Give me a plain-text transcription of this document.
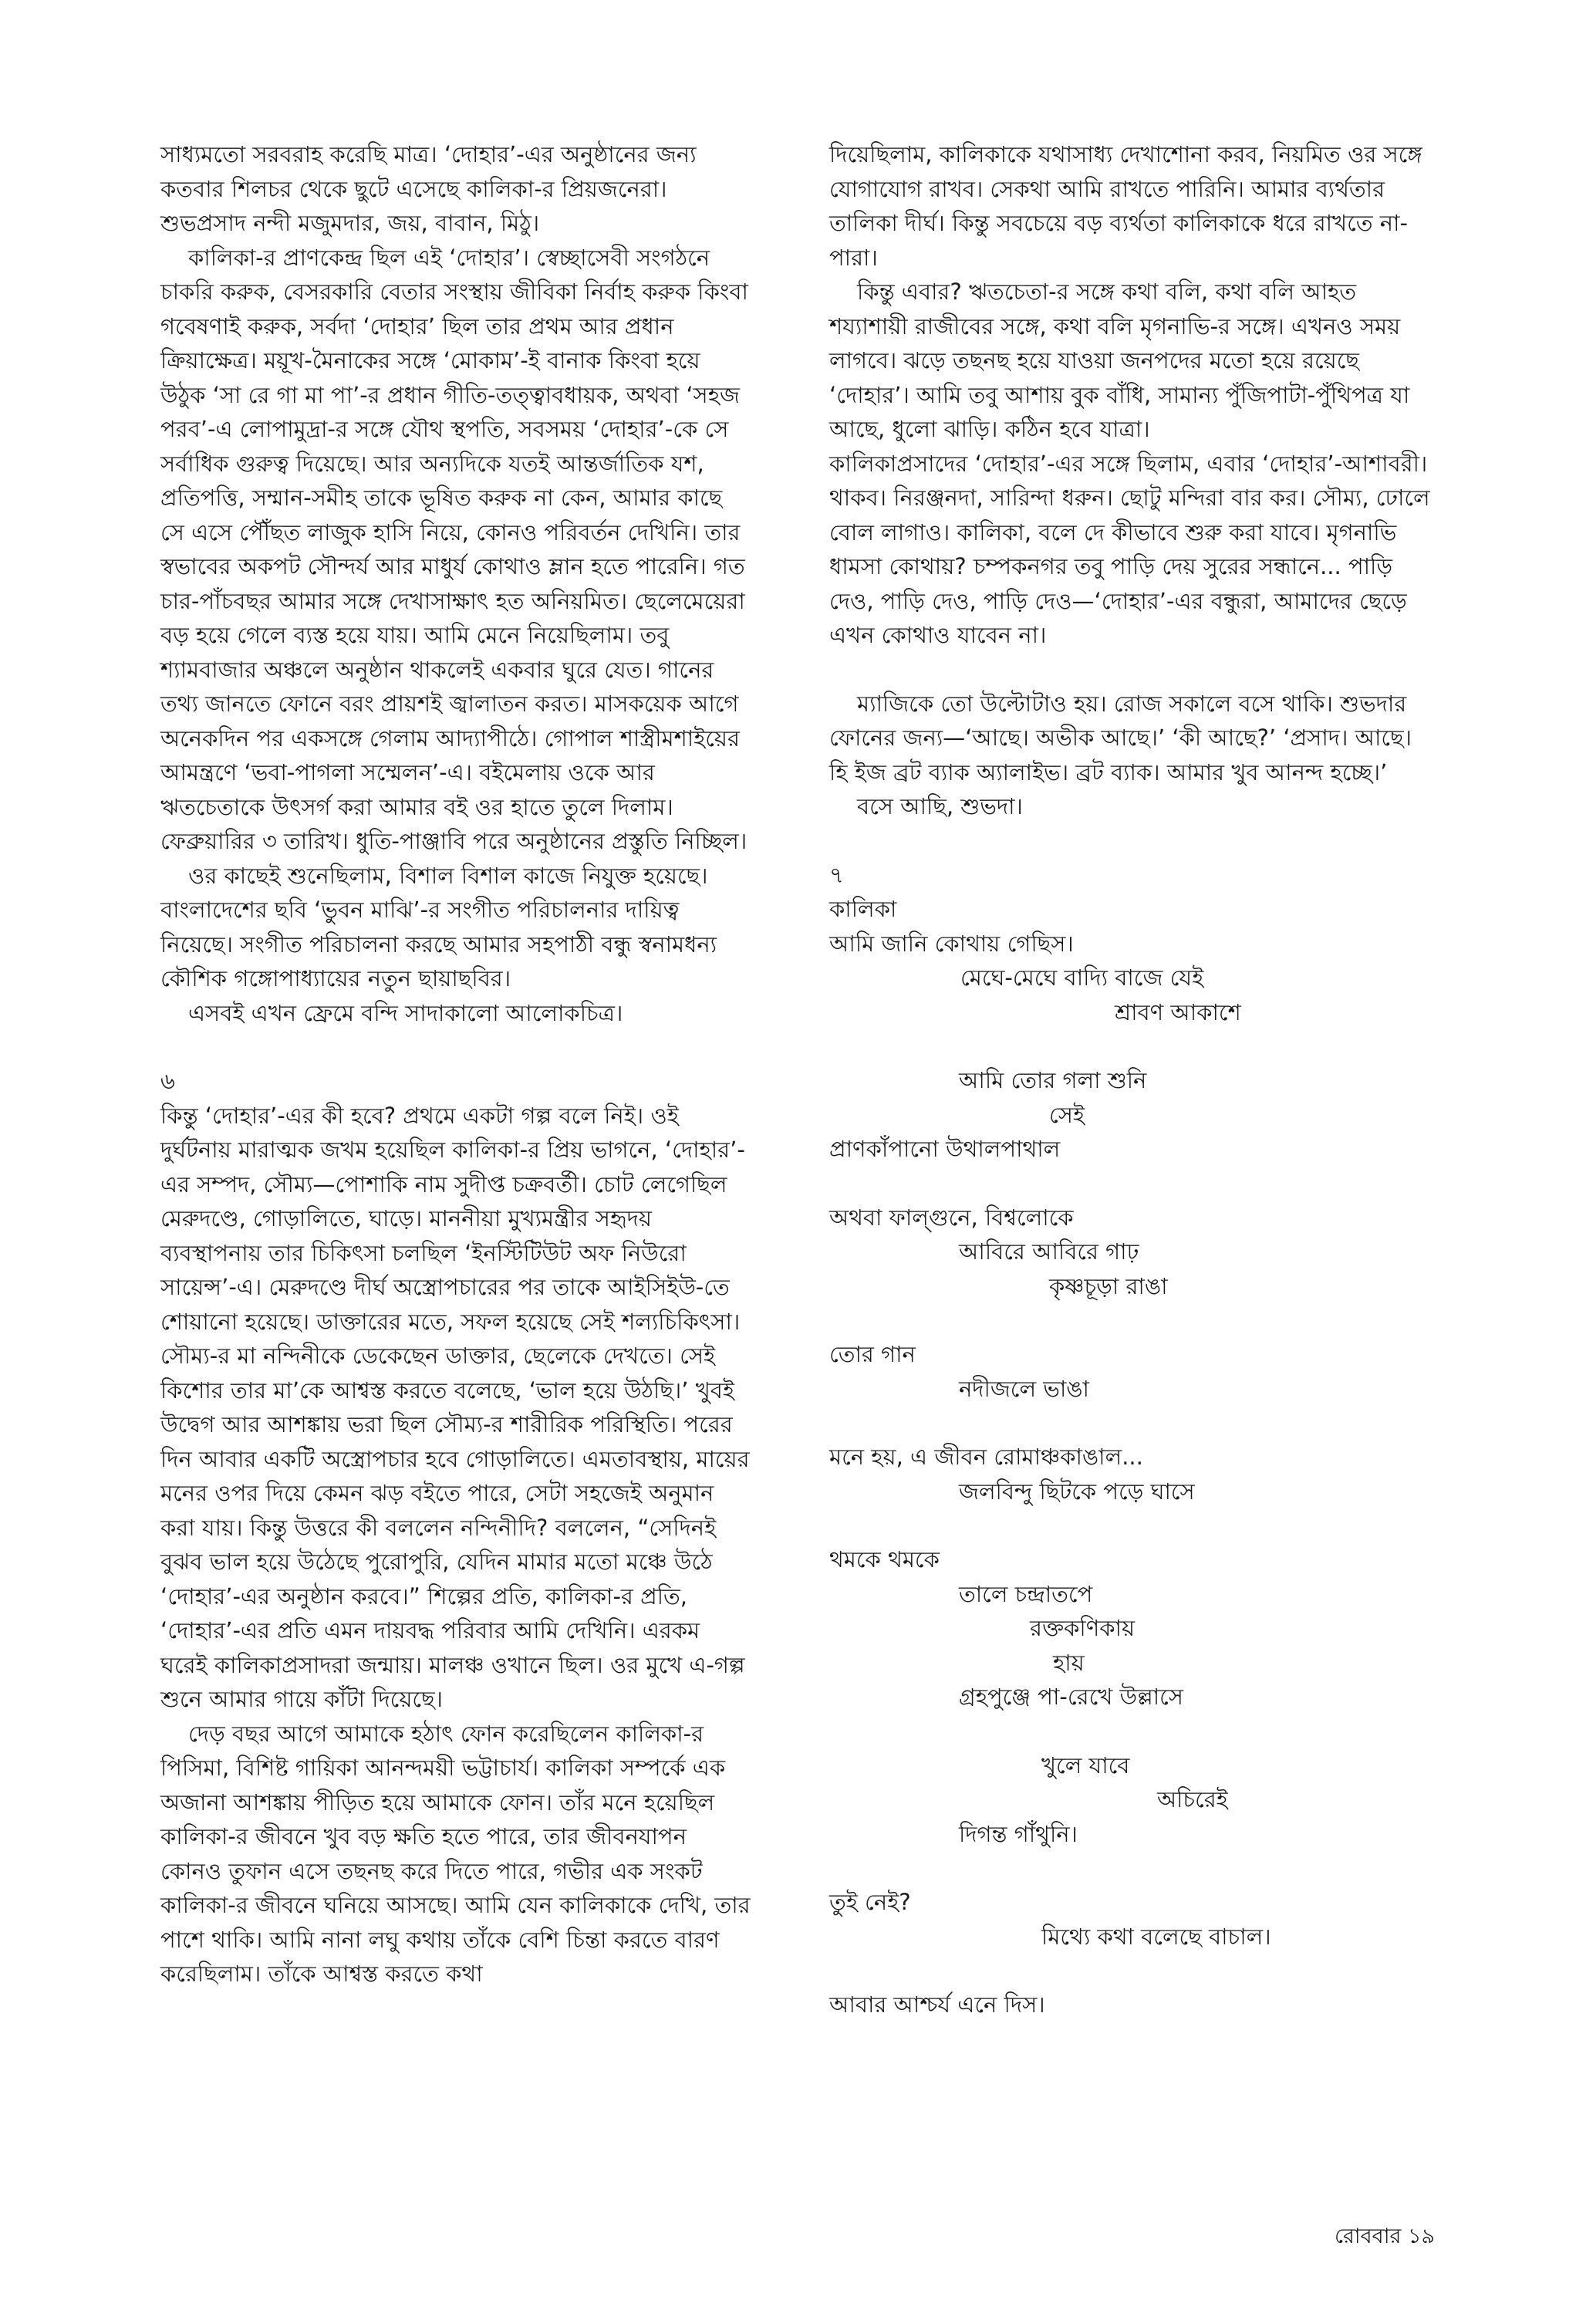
সাধ্যমতো সরবরাহ করেছি মাত্র। ‘দোহার’-এর অনুষ্ঠানের জন্য কতবার শিলচর থেকে ছুটে এসেছে কালিকা-র প্রিয়জনেরা। শুভপ্রসাদ নন্দী মজুমদার, জয়, বাবান, মিঠু।

কালিকা-র প্রাণকেন্দ্র ছিল এই ‘দোহার’। স্বেচ্ছাসেবী সংগঠনে চাকরি করুক, বেসরকারি বেতার সংস্থায় জীবিকা নির্বাহ করুক কিংবা গবেষণাই করুক, সর্বদা ‘দোহার’ ছিল তার প্রথম আর প্রধান ক্রিয়াক্ষেত্র। ময়ূখ-মৈনাকের সঙ্গে ‘মোকাম’-ই বানাক কিংবা হয়ে উঠুক ‘সা রে গা মা পা’-র প্রধান গীতি-তত্ত্বাবধায়ক, অথবা ‘সহজ পরব’-এ লোপামুদ্রা-র সঙ্গে যৌথ স্থপতি, সবসময় ‘দোহার’-কে সে সর্বাধিক গুরুত্ব দিয়েছে। আর অন্যদিকে যতই আন্তর্জাতিক যশ, প্রতিপত্তি, সম্মান-সমীহ তাকে ভূষিত করুক না কেন, আমার কাছে সে এসে পৌঁছত লাজুক হাসি নিয়ে, কোনও পরিবর্তন দেখিনি। তার স্বভাবের অকপট সৌন্দর্য আর মাধুর্য কোথাও ম্লান হতে পারেনি। গত চার-পাঁচবছর আমার সঙ্গে দেখাসাক্ষাৎ হত অনিয়মিত। ছেলেমেয়েরা বড় হয়ে গেলে ব্যস্ত হয়ে যায়। আমি মেনে নিয়েছিলাম। তবু শ্যামবাজার অঞ্চলে অনুষ্ঠান থাকলেই একবার ঘুরে যেত। গানের তথ্য জানতে ফোনে বরং প্রায়শই জ্বালাতন করত। মাসকয়েক আগে অনেকদিন পর একসঙ্গে গেলাম আদ্যাপীঠে। গোপাল শাস্ত্রীমশাইয়ের আমন্ত্রণে ‘ভবা-পাগলা সম্মেলন’-এ। বইমেলায় ওকে আর ঋতচেতাকে উৎসর্গ করা আমার বই ওর হাতে তুলে দিলাম। ফেব্রুয়ারির ৩ তারিখ। ধুতি-পাঞ্জাবি পরে অনুষ্ঠানের প্রস্তুতি নিচ্ছিল।

ওর কাছেই শুনেছিলাম, বিশাল বিশাল কাজে নিযুক্ত হয়েছে। বাংলাদেশের ছবি ‘ভুবন মাঝি’-র সংগীত পরিচালনার দায়িত্ব নিয়েছে। সংগীত পরিচালনা করছে আমার সহপাঠী বন্ধু স্বনামধন্য কৌশিক গঙ্গোপাধ্যায়ের নতুন ছায়াছবির।

এসবই এখন ফ্রেমে বন্দি সাদাকালো আলোকচিত্র।

৬

কিন্তু ‘দোহার’-এর কী হবে? প্রথমে একটা গল্প বলে নিই। ওই দুর্ঘটনায় মারাত্মক জখম হয়েছিল কালিকা-র প্রিয় ভাগনে, ‘দোহার’-এর সম্পদ, সৌম্য—পোশাকি নাম সুদীপ্ত চক্রবর্তী। চোট লেগেছিল মেরুদণ্ডে, গোড়ালিতে, ঘাড়ে। মাননীয়া মুখ্যমন্ত্রীর সহৃদয় ব্যবস্থাপনায় তার চিকিৎসা চলছিল ‘ইনস্টিটিউট অফ নিউরো সায়েন্স’-এ। মেরুদণ্ডে দীর্ঘ অস্ত্রোপচারের পর তাকে আইসিইউ-তে শোয়ানো হয়েছে। ডাক্তারের মতে, সফল হয়েছে সেই শল্যচিকিৎসা। সৌম্য-র মা নন্দিনীকে ডেকেছেন ডাক্তার, ছেলেকে দেখতে। সেই কিশোর তার মা’কে আশ্বস্ত করতে বলেছে, ‘ভাল হয়ে উঠছি।’ খুবই উদ্বেগ আর আশঙ্কায় ভরা ছিল সৌম্য-র শারীরিক পরিস্থিতি। পরের দিন আবার একটি অস্ত্রোপচার হবে গোড়ালিতে। এমতাবস্থায়, মায়ের মনের ওপর দিয়ে কেমন ঝড় বইতে পারে, সেটা সহজেই অনুমান করা যায়। কিন্তু উত্তরে কী বললেন নন্দিনীদি? বললেন, “সেদিনই বুঝব ভাল হয়ে উঠেছে পুরোপুরি, যেদিন মামার মতো মঞ্চে উঠে ‘দোহার’-এর অনুষ্ঠান করবে।” শিল্পের প্রতি, কালিকা-র প্রতি, ‘দোহার’-এর প্রতি এমন দায়বদ্ধ পরিবার আমি দেখিনি। এরকম ঘরেই কালিকাপ্রসাদরা জন্মায়। মালঞ্চ ওখানে ছিল। ওর মুখে এ-গল্প শুনে আমার গায়ে কাঁটা দিয়েছে।

দেড় বছর আগে আমাকে হঠাৎ ফোন করেছিলেন কালিকা-র পিসিমা, বিশিষ্ট গায়িকা আনন্দময়ী ভট্টাচার্য। কালিকা সম্পর্কে এক অজানা আশঙ্কায় পীড়িত হয়ে আমাকে ফোন। তাঁর মনে হয়েছিল কালিকা-র জীবনে খুব বড় ক্ষতি হতে পারে, তার জীবনযাপন কোনও তুফান এসে তছনছ করে দিতে পারে, গভীর এক সংকট কালিকা-র জীবনে ঘনিয়ে আসছে। আমি যেন কালিকাকে দেখি, তার পাশে থাকি। আমি নানা লঘু কথায় তাঁকে বেশি চিন্তা করতে বারণ করেছিলাম। তাঁকে আশ্বস্ত করতে কথা

দিয়েছিলাম, কালিকাকে যথাসাধ্য দেখাশোনা করব, নিয়মিত ওর সঙ্গে যোগাযোগ রাখব। সেকথা আমি রাখতে পারিনি। আমার ব্যর্থতার তালিকা দীর্ঘ। কিন্তু সবচেয়ে বড় ব্যর্থতা কালিকাকে ধরে রাখতে না-পারা।

কিন্তু এবার? ঋতচেতা-র সঙ্গে কথা বলি, কথা বলি আহত শয্যাশায়ী রাজীবের সঙ্গে, কথা বলি মৃগনাভি-র সঙ্গে। এখনও সময় লাগবে। ঝড়ে তছনছ হয়ে যাওয়া জনপদের মতো হয়ে রয়েছে ‘দোহার’। আমি তবু আশায় বুক বাঁধি, সামান্য পুঁজিপাটা-পুঁথিপত্র যা আছে, ধুলো ঝাড়ি। কঠিন হবে যাত্রা।

কালিকাপ্রসাদের ‘দোহার’-এর সঙ্গে ছিলাম, এবার ‘দোহার’-আশাবরী। থাকব। নিরঞ্জনদা, সারিন্দা ধরুন। ছোটু মন্দিরা বার কর। সৌম্য, ঢোলে বোল লাগাও। কালিকা, বলে দে কীভাবে শুরু করা যাবে। মৃগনাভি ধামসা কোথায়? চম্পকনগর তবু পাড়ি দেয় সুরের সন্ধানে... পাড়ি দেও, পাড়ি দেও, পাড়ি দেও—‘দোহার’-এর বন্ধুরা, আমাদের ছেড়ে এখন কোথাও যাবেন না।

ম্যাজিকে তো উল্টোটাও হয়। রোজ সকালে বসে থাকি। শুভদার ফোনের জন্য—‘আছে। অভীক আছে।’ ‘কী আছে?’ ‘প্রসাদ। আছে। হি ইজ ব্রট ব্যাক অ্যালাইভ। ব্রট ব্যাক। আমার খুব আনন্দ হচ্ছে।’

বসে আছি, শুভদা।

৭

কালিকা

আমি জানি কোথায় গেছিস।

মেঘে-মেঘে বাদ্যি বাজে যেই

শ্রাবণ আকাশে

আমি তোর গলা শুনি

সেই

প্রাণকাঁপানো উথালপাথাল

অথবা ফাল্গুনে, বিশ্বলোকে

আবিরে আবিরে গাঢ়

কৃষ্ণচূড়া রাঙা

তোর গান

নদীজলে ভাঙা

মনে হয়, এ জীবন রোমাঞ্চকাঙাল...

জলবিন্দু ছিটকে পড়ে ঘাসে

থমকে থমকে

তালে চন্দ্রাতপে

রক্তকণিকায়

হায়

গ্রহপুঞ্জে পা-রেখে উল্লাসে

খুলে যাবে

অচিরেই

দিগন্ত গাঁথুনি।

তুই নেই?

মিথ্যে কথা বলেছে বাচাল।

আবার আশ্চর্য এনে দিস।

রোববার ১৯
